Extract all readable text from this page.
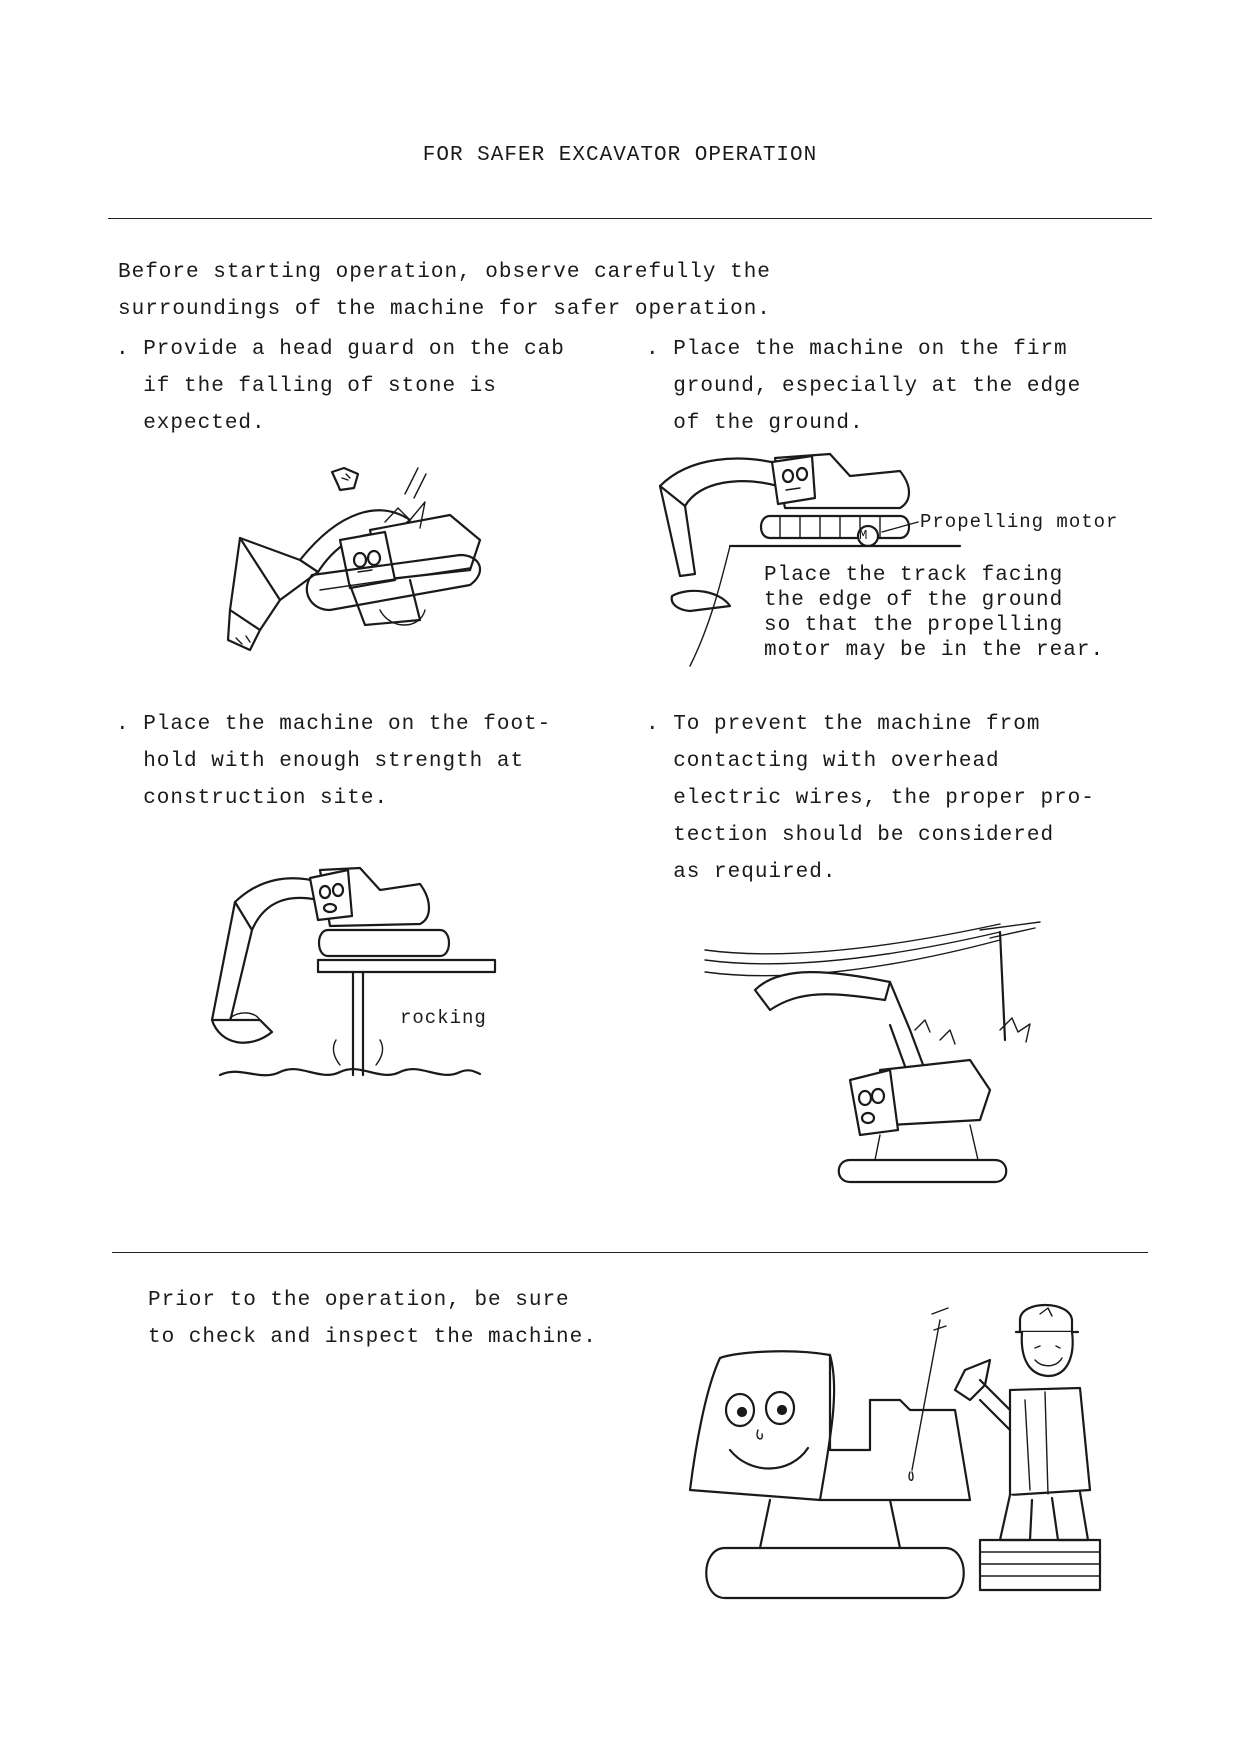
FOR SAFER EXCAVATOR OPERATION
Before starting operation, observe carefully the
surroundings of the machine for safer operation.
. Provide a head guard on the cab
if the falling of stone is
expected.
. Place the machine on the firm
ground, especially at the edge
of the ground.
M
Propelling motor
Place the track facing
the edge of the ground
so that the propelling
motor may be in the rear.
. Place the machine on the foot-
hold with enough strength at
construction site.
. To prevent the machine from
contacting with overhead
electric wires, the proper pro-
tection should be considered
as required.
rocking
Prior to the operation, be sure
to check and inspect the machine.
